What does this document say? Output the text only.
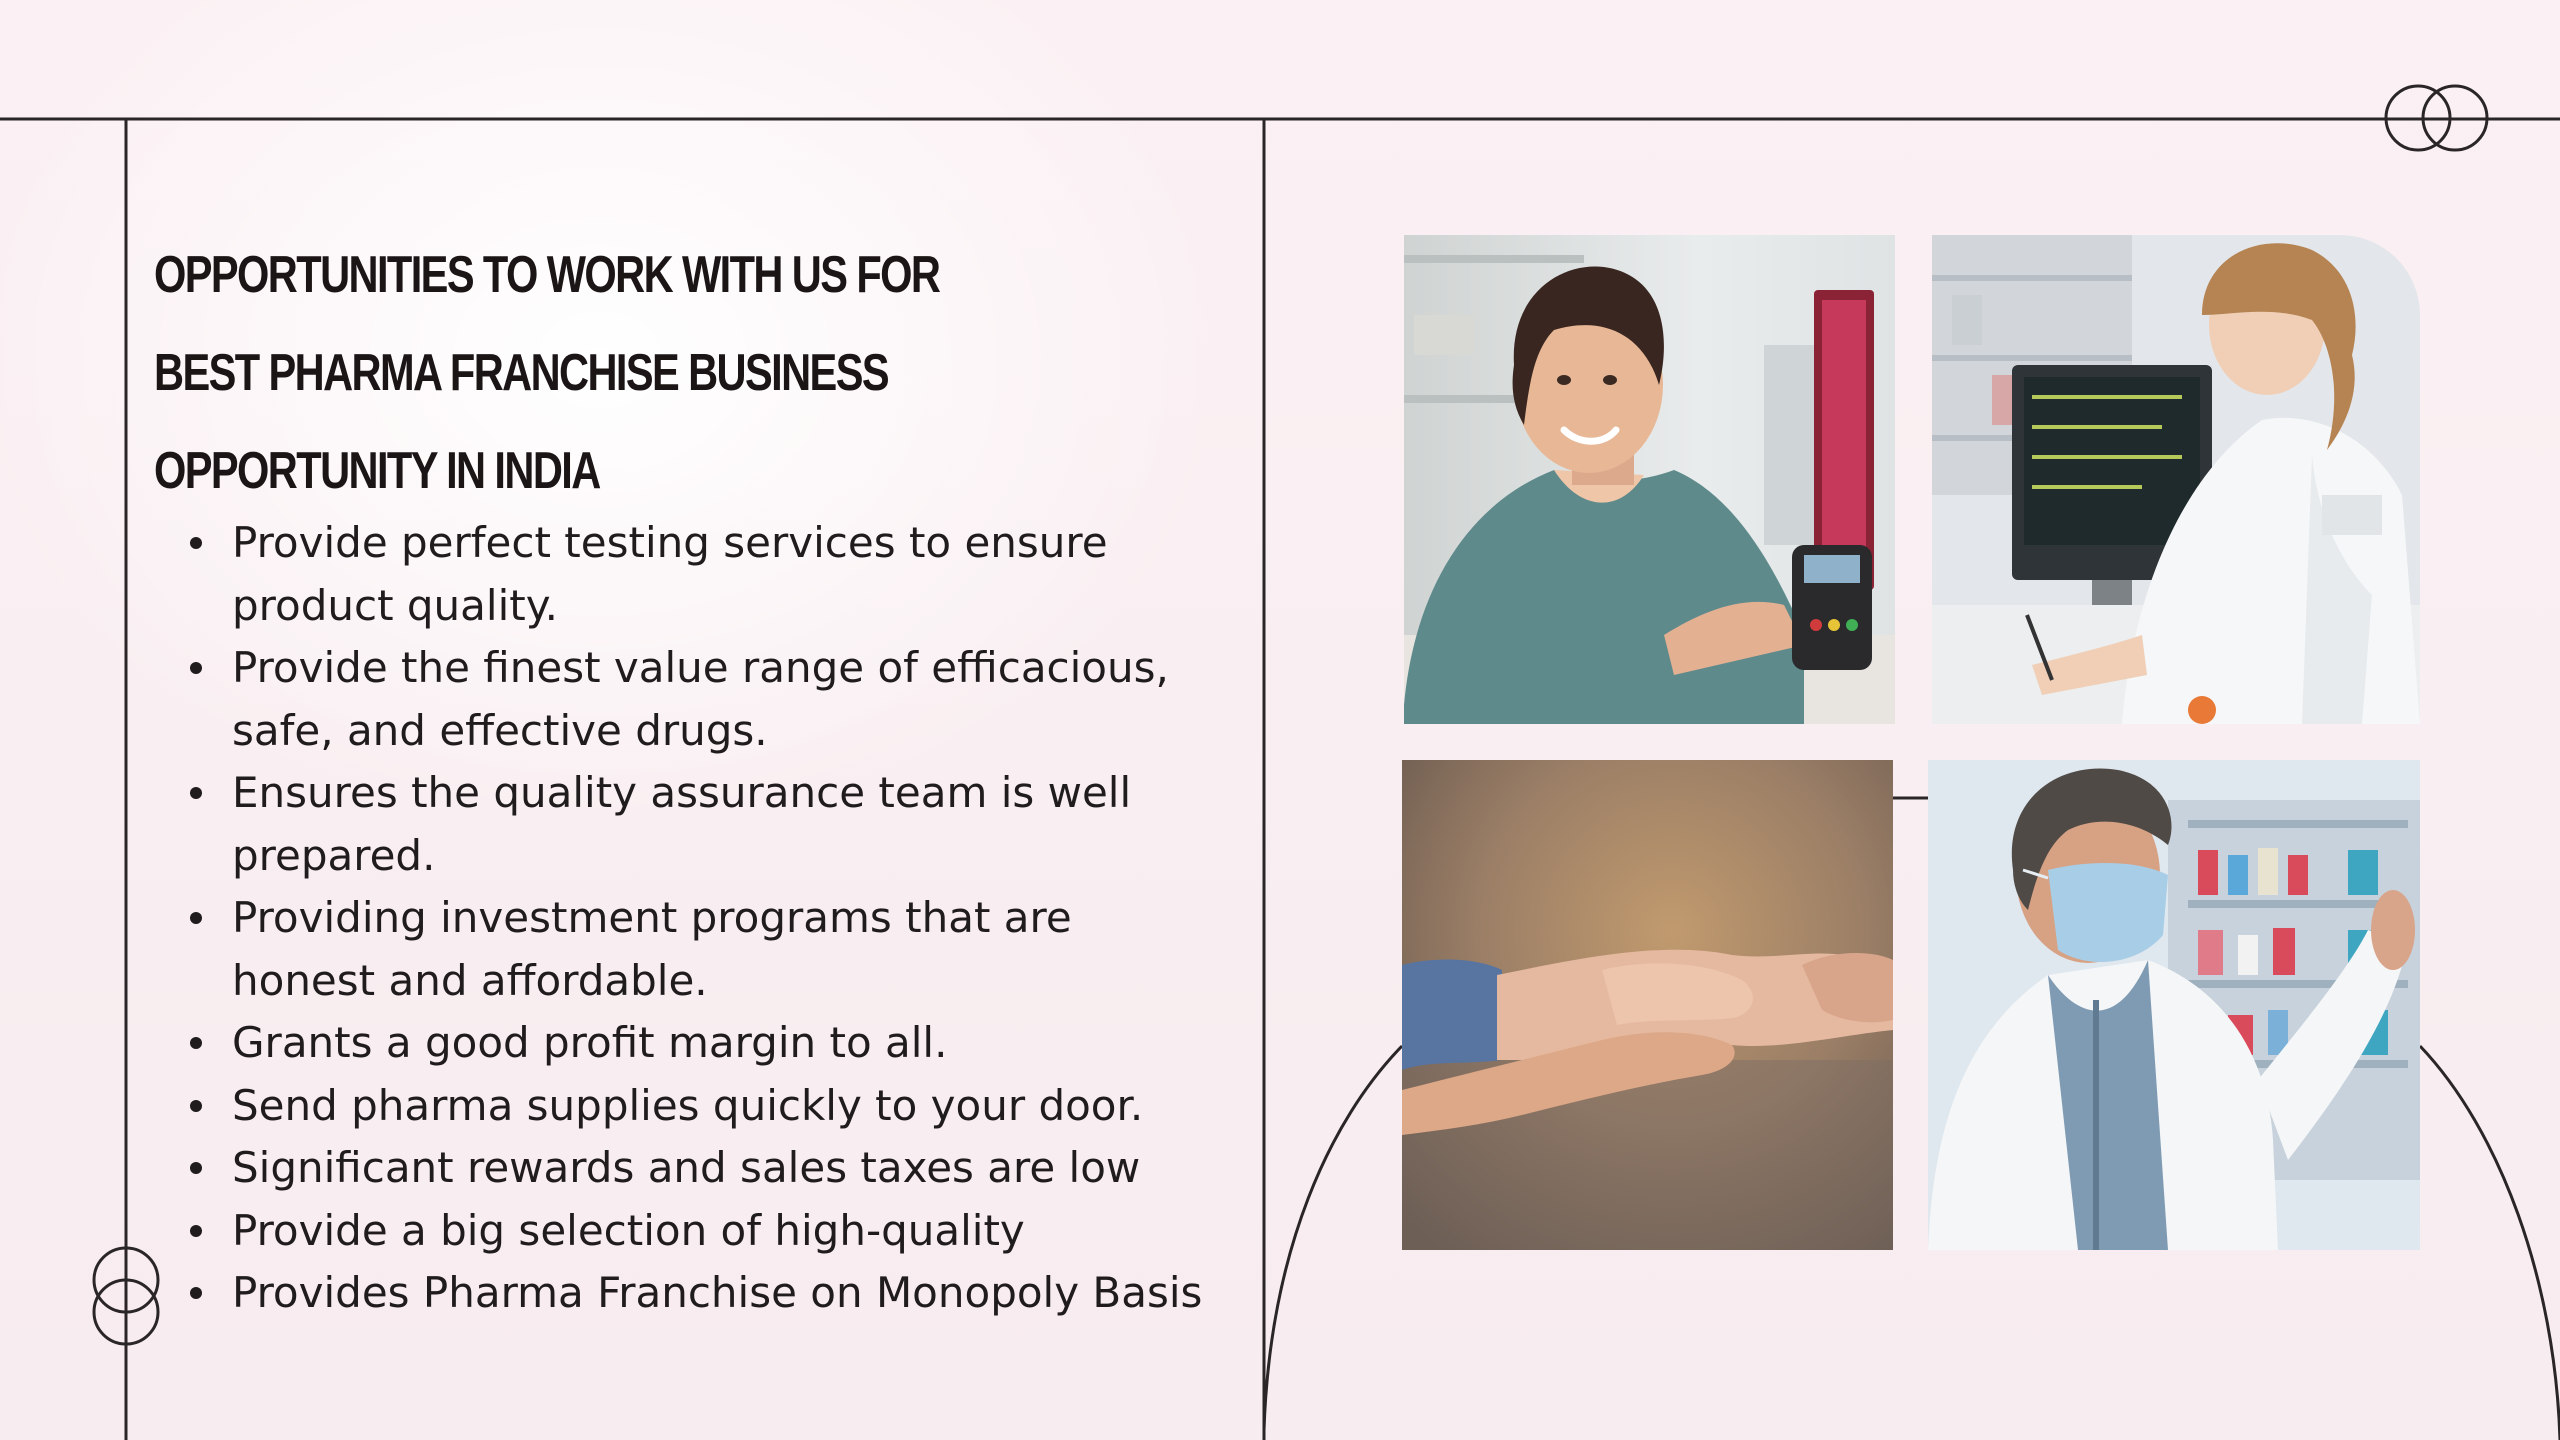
OPPORTUNITIES TO WORK WITH US FOR BEST PHARMA FRANCHISE BUSINESS OPPORTUNITY IN INDIA
Provide perfect testing services to ensure product quality.
Provide the finest value range of efficacious, safe, and effective drugs.
Ensures the quality assurance team is well prepared.
Providing investment programs that are honest and affordable.
Grants a good profit margin to all.
Send pharma supplies quickly to your door.
Significant rewards and sales taxes are low
Provide a big selection of high-quality
Provides Pharma Franchise on Monopoly Basis
